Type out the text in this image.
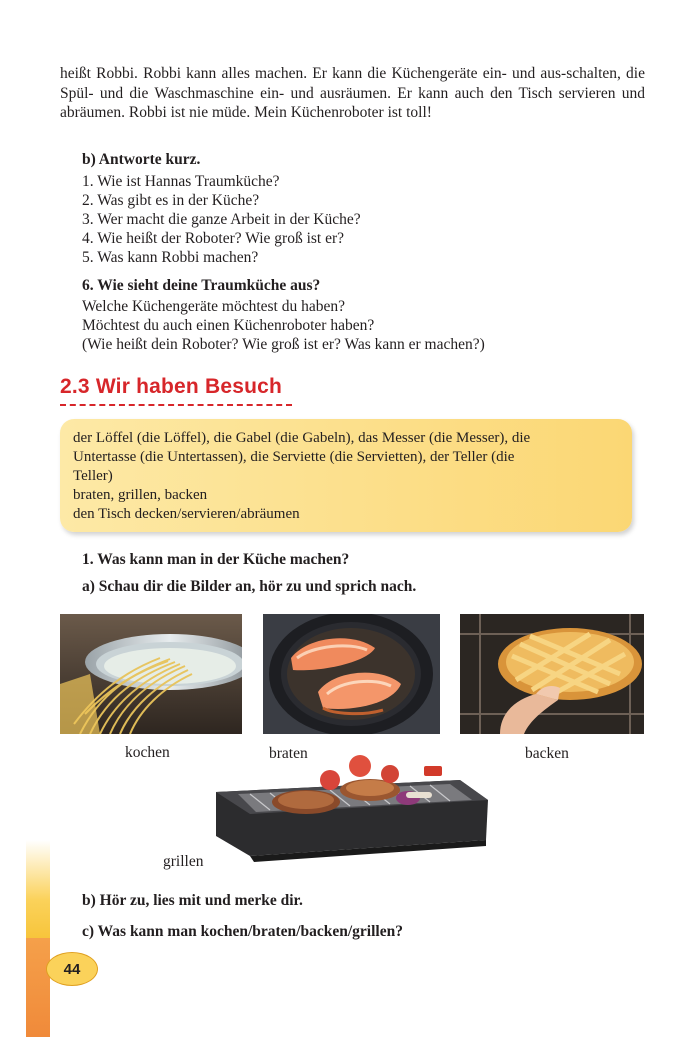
heißt Robbi. Robbi kann alles machen. Er kann die Küchengeräte ein- und aus-schalten, die Spül- und die Waschmaschine ein- und ausräumen. Er kann auch den Tisch servieren und abräumen. Robbi ist nie müde. Mein Küchenroboter ist toll!
b) Antworte kurz.
1. Wie ist Hannas Traumküche?
2. Was gibt es in der Küche?
3. Wer macht die ganze Arbeit in der Küche?
4. Wie heißt der Roboter? Wie groß ist er?
5. Was kann Robbi machen?
6. Wie sieht deine Traumküche aus?
Welche Küchengeräte möchtest du haben?
Möchtest du auch einen Küchenroboter haben?
(Wie heißt dein Roboter? Wie groß ist er? Was kann er machen?)
2.3 Wir haben Besuch
der Löffel (die Löffel), die Gabel (die Gabeln), das Messer (die Messer), die
Untertasse (die Untertassen), die Serviette (die Servietten), der Teller (die
Teller)
braten, grillen, backen
den Tisch decken/servieren/abräumen
1. Was kann man in der Küche machen?
a) Schau dir die Bilder an, hör zu und sprich nach.
kochen	braten	backen
grillen
b) Hör zu, lies mit und merke dir.
c) Was kann man kochen/braten/backen/grillen?
44
